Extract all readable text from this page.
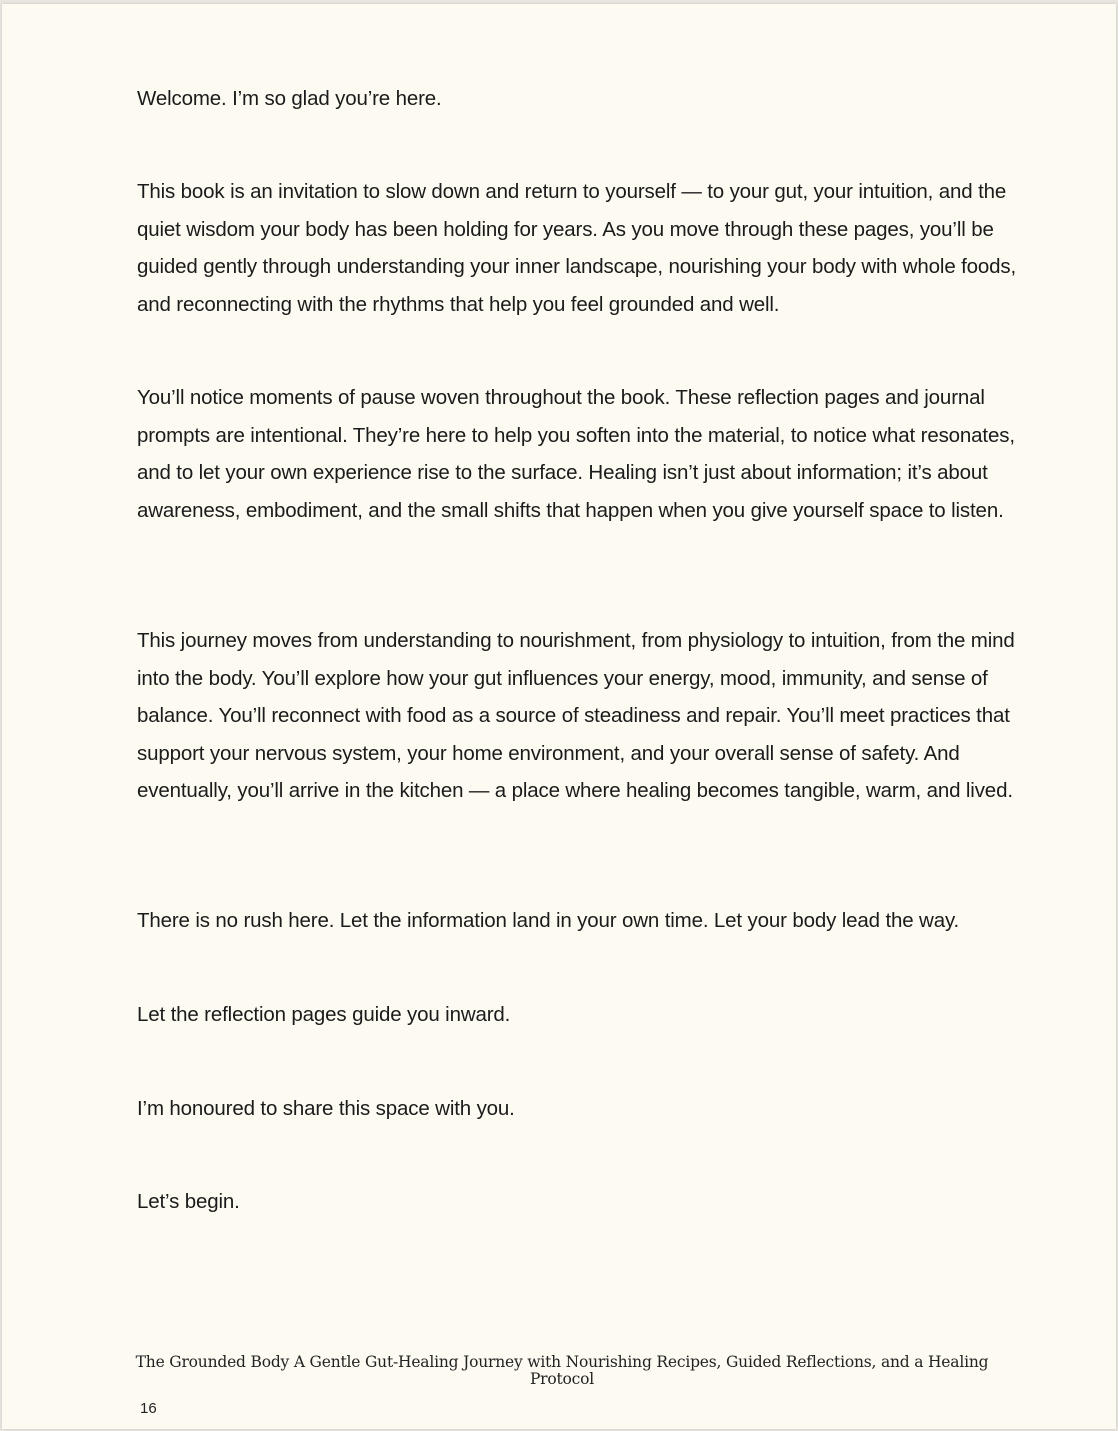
Welcome. I’m so glad you’re here.

This book is an invitation to slow down and return to yourself — to your gut, your intuition, and the quiet wisdom your body has been holding for years. As you move through these pages, you’ll be guided gently through understanding your inner landscape, nourishing your body with whole foods, and reconnecting with the rhythms that help you feel grounded and well.

You’ll notice moments of pause woven throughout the book. These reflection pages and journal prompts are intentional. They’re here to help you soften into the material, to notice what resonates, and to let your own experience rise to the surface. Healing isn’t just about information; it’s about awareness, embodiment, and the small shifts that happen when you give yourself space to listen.

This journey moves from understanding to nourishment, from physiology to intuition, from the mind into the body. You’ll explore how your gut influences your energy, mood, immunity, and sense of balance. You’ll reconnect with food as a source of steadiness and repair. You’ll meet practices that support your nervous system, your home environment, and your overall sense of safety. And eventually, you’ll arrive in the kitchen — a place where healing becomes tangible, warm, and lived.

There is no rush here. Let the information land in your own time. Let your body lead the way.

Let the reflection pages guide you inward.

I’m honoured to share this space with you.

Let’s begin.

The Grounded Body A Gentle Gut-Healing Journey with Nourishing Recipes, Guided Reflections, and a Healing Protocol
16
